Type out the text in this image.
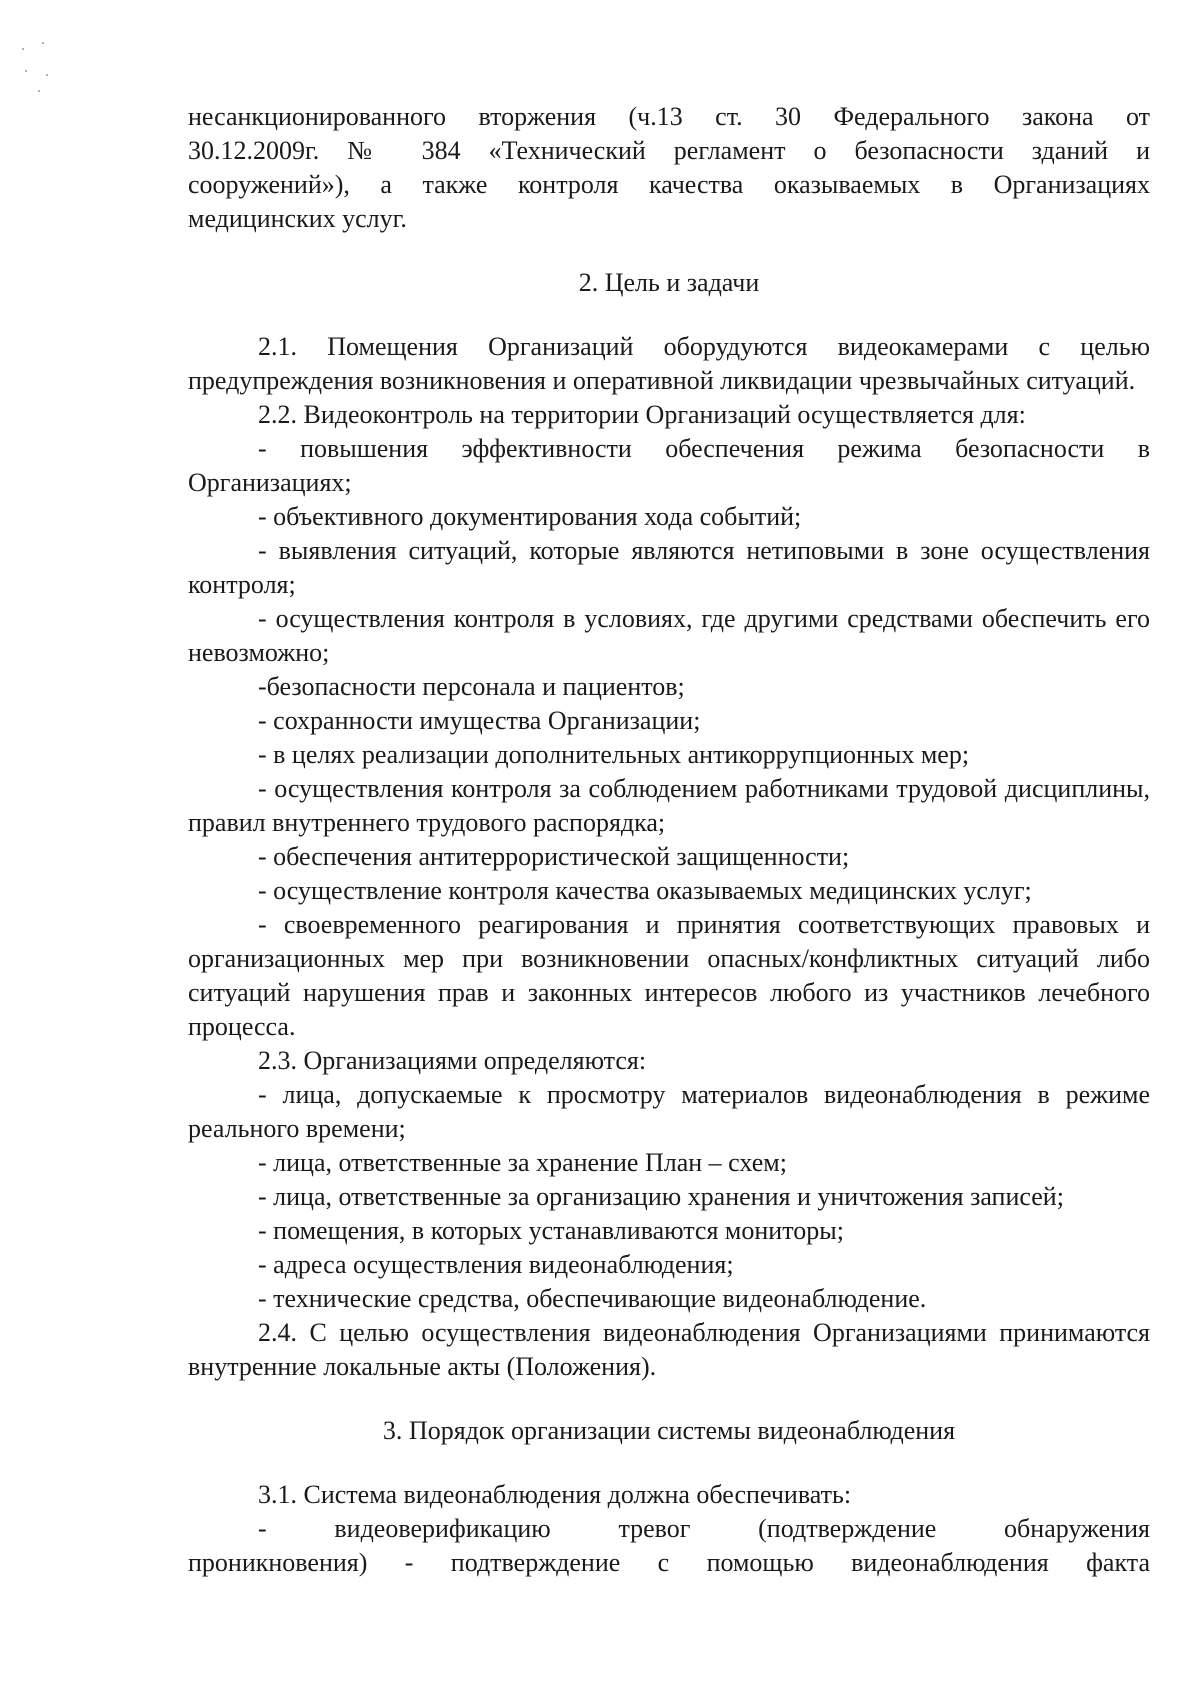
несанкционированного вторжения (ч.13 ст. 30 Федерального закона от

30.12.2009г. № 384 «Технический регламент о безопасности зданий и

сооружений»), а также контроля качества оказываемых в Организациях

медицинских услуг.

2. Цель и задачи

2.1. Помещения Организаций оборудуются видеокамерами с целью предупреждения возникновения и оперативной ликвидации чрезвычайных ситуаций.

2.2. Видеоконтроль на территории Организаций осуществляется для:

- повышения эффективности обеспечения режима безопасности в Организациях;

- объективного документирования хода событий;

- выявления ситуаций, которые являются нетиповыми в зоне осуществления контроля;

- осуществления контроля в условиях, где другими средствами обеспечить его невозможно;

-безопасности персонала и пациентов;

- сохранности имущества Организации;

- в целях реализации дополнительных антикоррупционных мер;

- осуществления контроля за соблюдением работниками трудовой дисциплины, правил внутреннего трудового распорядка;

- обеспечения антитеррористической защищенности;

- осуществление контроля качества оказываемых медицинских услуг;

- своевременного реагирования и принятия соответствующих правовых и организационных мер при возникновении опасных/конфликтных ситуаций либо ситуаций нарушения прав и законных интересов любого из участников лечебного процесса.

2.3. Организациями определяются:

- лица, допускаемые к просмотру материалов видеонаблюдения в режиме реального времени;

- лица, ответственные за хранение План – схем;

- лица, ответственные за организацию хранения и уничтожения записей;

- помещения, в которых устанавливаются мониторы;

- адреса осуществления видеонаблюдения;

- технические средства, обеспечивающие видеонаблюдение.

2.4. С целью осуществления видеонаблюдения Организациями принимаются внутренние локальные акты (Положения).

3. Порядок организации системы видеонаблюдения

3.1. Система видеонаблюдения должна обеспечивать:

- видеоверификацию тревог (подтверждение обнаружения

проникновения) - подтверждение с помощью видеонаблюдения факта
